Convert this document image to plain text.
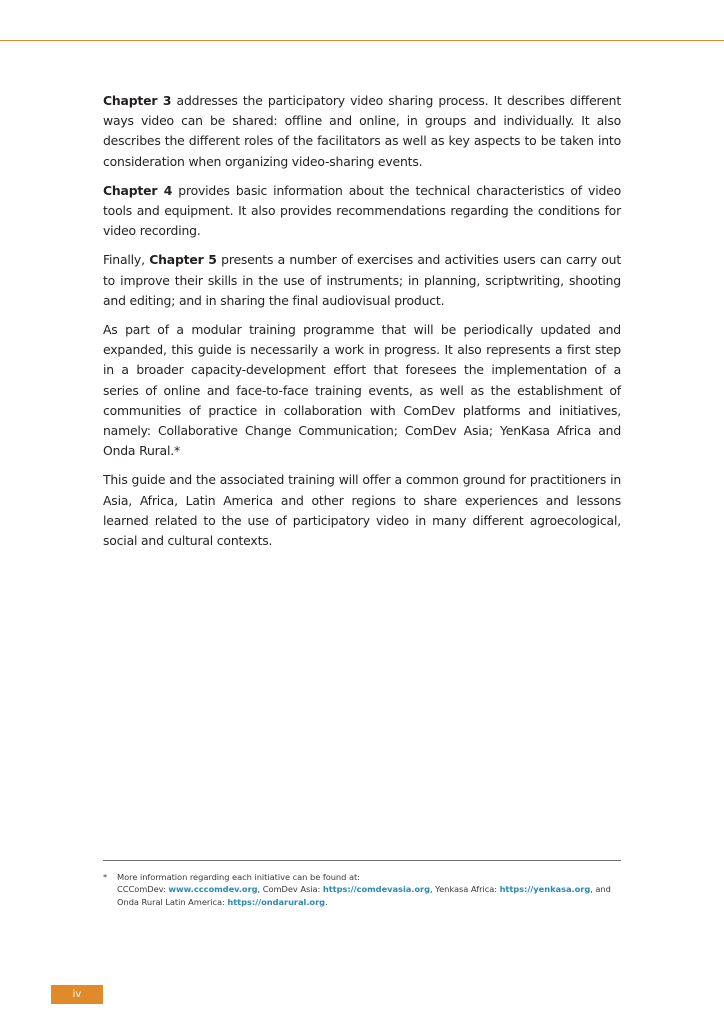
Chapter 3 addresses the participatory video sharing process. It describes different ways video can be shared: offline and online, in groups and individually. It also describes the different roles of the facilitators as well as key aspects to be taken into consideration when organizing video-sharing events.

Chapter 4 provides basic information about the technical characteristics of video tools and equipment. It also provides recommendations regarding the conditions for video recording.

Finally, Chapter 5 presents a number of exercises and activities users can carry out to improve their skills in the use of instruments; in planning, scriptwriting, shooting and editing; and in sharing the final audiovisual product.

As part of a modular training programme that will be periodically updated and expanded, this guide is necessarily a work in progress. It also represents a first step in a broader capacity-development effort that foresees the implementation of a series of online and face-to-face training events, as well as the establishment of communities of practice in collaboration with ComDev platforms and initiatives, namely: Collaborative Change Communication; ComDev Asia; YenKasa Africa and Onda Rural.*

This guide and the associated training will offer a common ground for practitioners in Asia, Africa, Latin America and other regions to share experiences and lessons learned related to the use of participatory video in many different agroecological, social and cultural contexts.

*	More information regarding each initiative can be found at:
CCComDev: www.cccomdev.org, ComDev Asia: https://comdevasia.org, Yenkasa Africa: https://yenkasa.org, and
Onda Rural Latin America: https://ondarural.org.
iv
